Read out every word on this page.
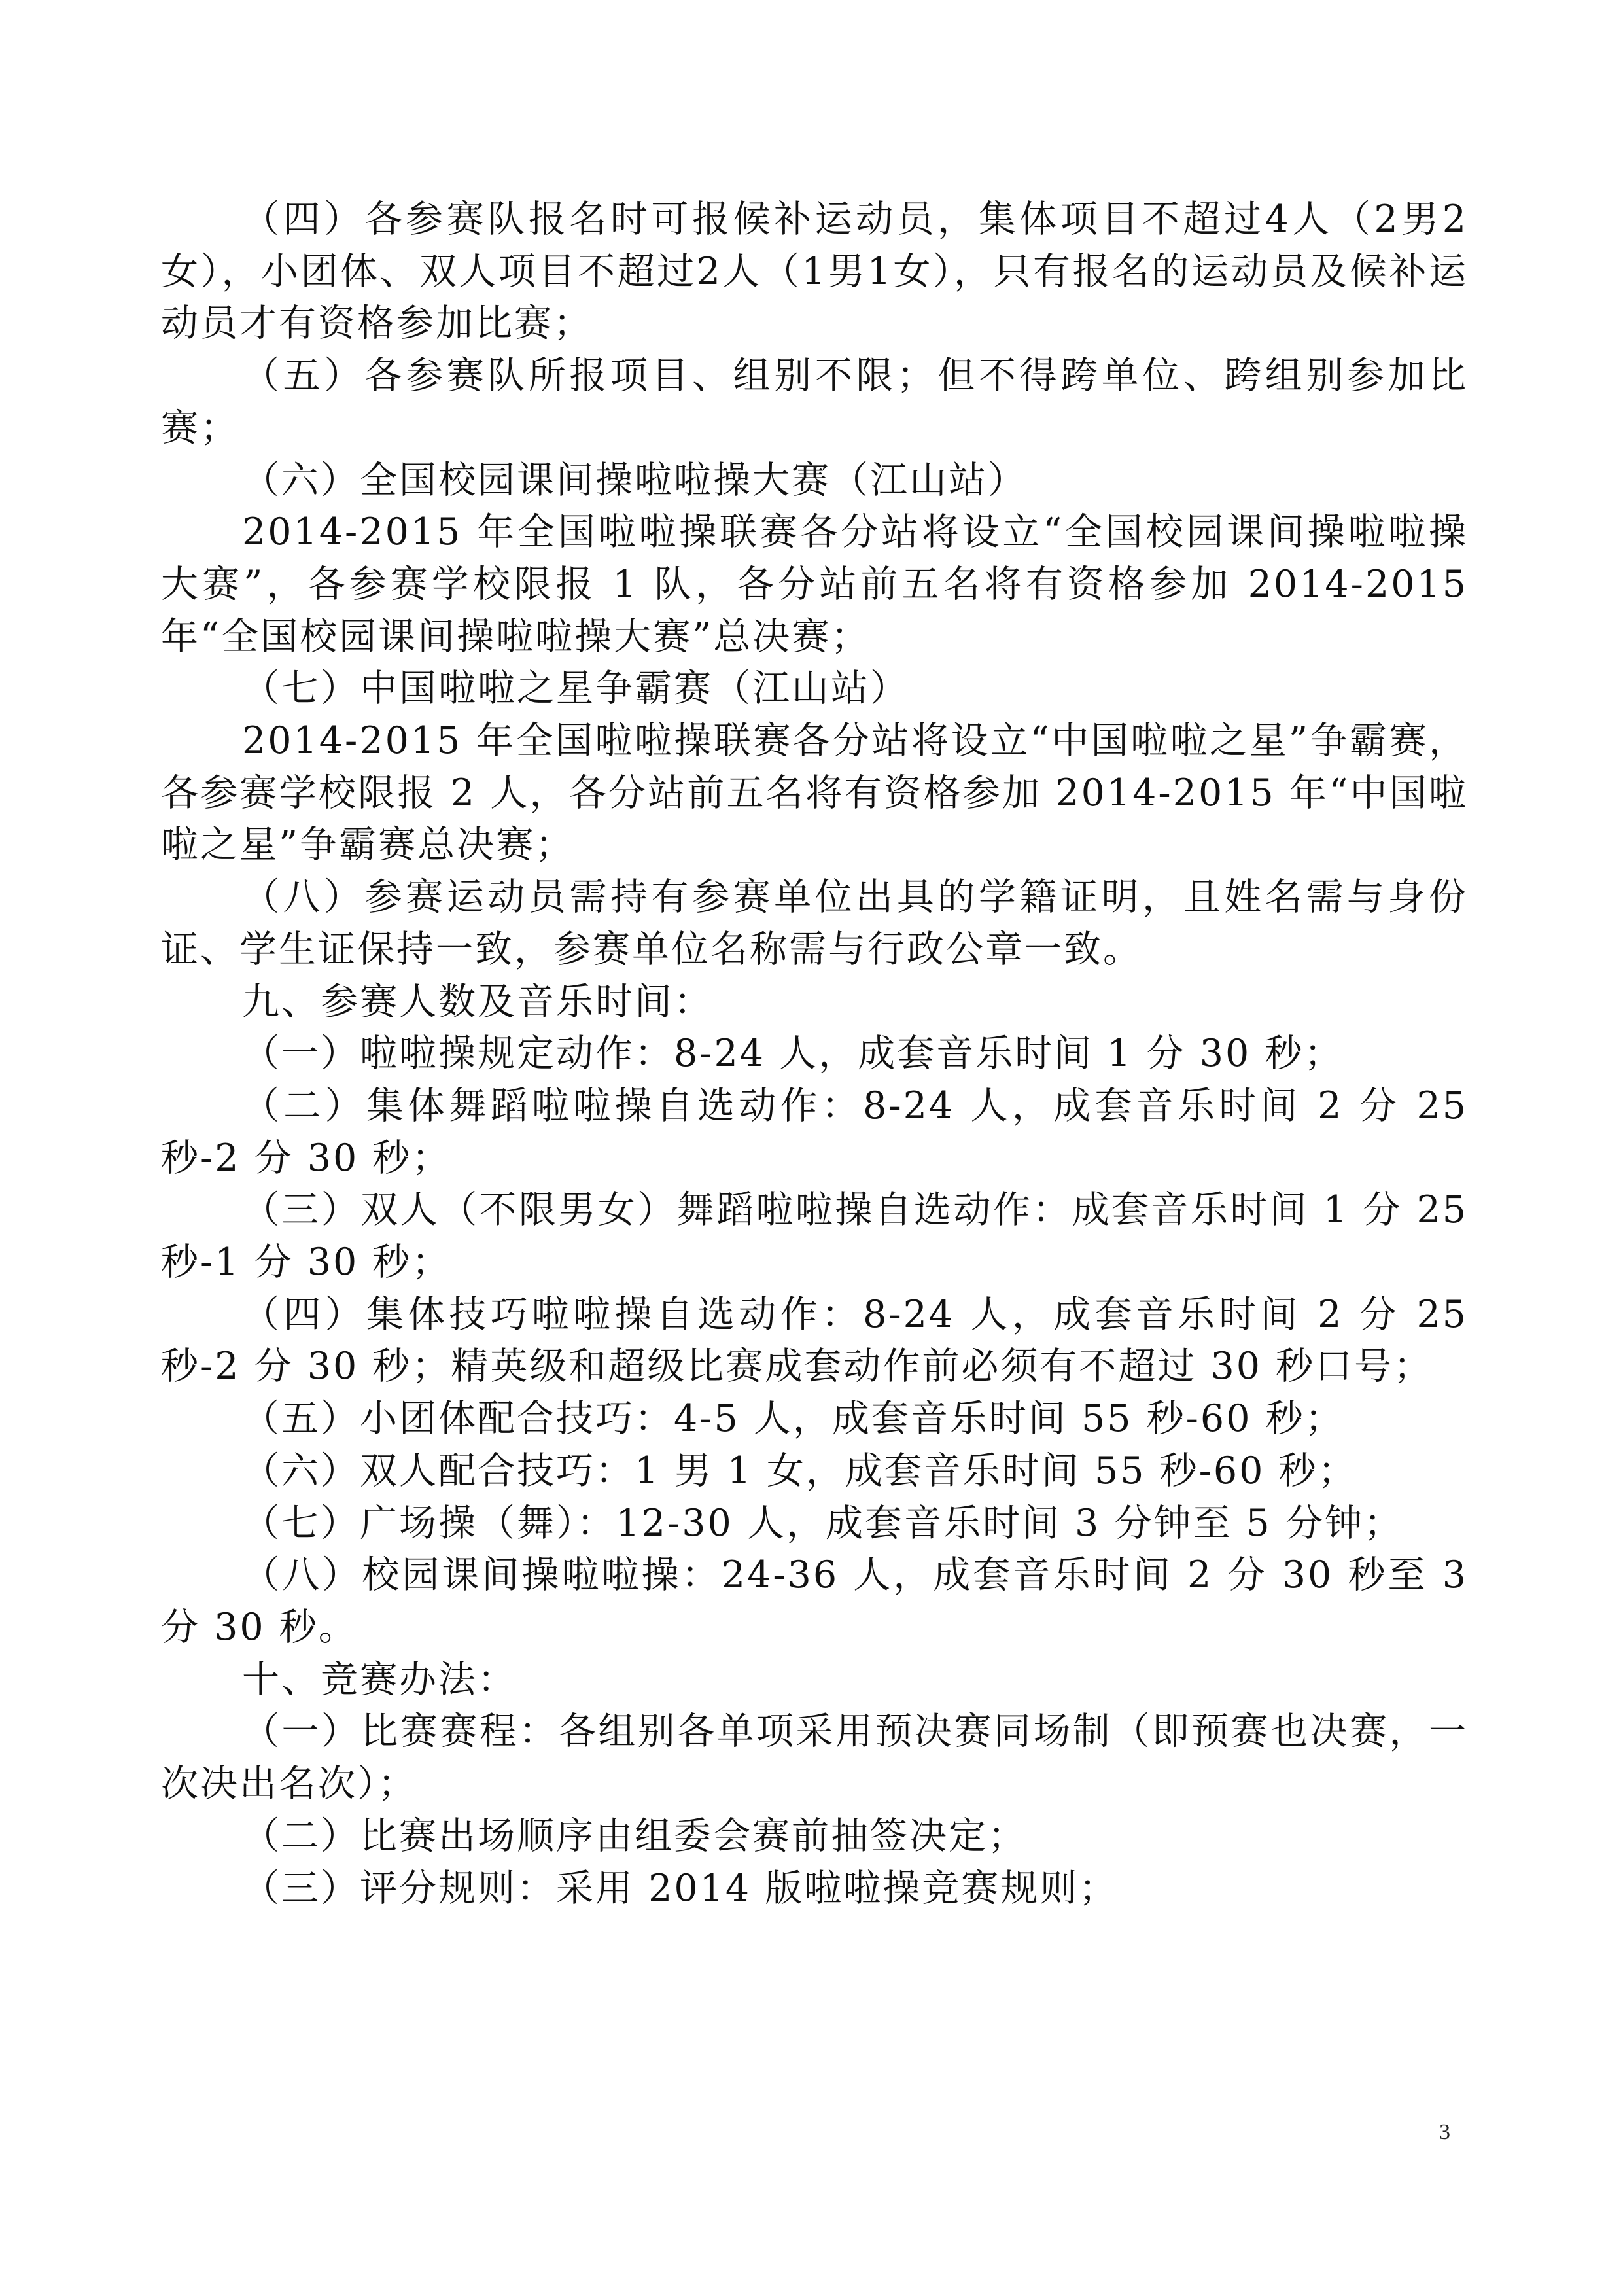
（四）各参赛队报名时可报候补运动员，集体项目不超过4人（2男2女），小团体、双人项目不超过2人（1男1女），只有报名的运动员及候补运动员才有资格参加比赛；

（五）各参赛队所报项目、组别不限；但不得跨单位、跨组别参加比赛；

（六）全国校园课间操啦啦操大赛（江山站）

2014-2015 年全国啦啦操联赛各分站将设立“全国校园课间操啦啦操大赛”，各参赛学校限报 1 队，各分站前五名将有资格参加 2014-2015 年“全国校园课间操啦啦操大赛”总决赛；

（七）中国啦啦之星争霸赛（江山站）

2014-2015 年全国啦啦操联赛各分站将设立“中国啦啦之星”争霸赛，各参赛学校限报 2 人，各分站前五名将有资格参加 2014-2015 年“中国啦啦之星”争霸赛总决赛；

（八）参赛运动员需持有参赛单位出具的学籍证明，且姓名需与身份证、学生证保持一致，参赛单位名称需与行政公章一致。

九、参赛人数及音乐时间：

（一）啦啦操规定动作：8-24 人，成套音乐时间 1 分 30 秒；

（二）集体舞蹈啦啦操自选动作：8-24 人，成套音乐时间 2 分 25 秒-2 分 30 秒；

（三）双人（不限男女）舞蹈啦啦操自选动作：成套音乐时间 1 分 25 秒-1 分 30 秒；

（四）集体技巧啦啦操自选动作：8-24 人，成套音乐时间 2 分 25 秒-2 分 30 秒；精英级和超级比赛成套动作前必须有不超过 30 秒口号；

（五）小团体配合技巧：4-5 人，成套音乐时间 55 秒-60 秒；

（六）双人配合技巧：1 男 1 女，成套音乐时间 55 秒-60 秒；

（七）广场操（舞）：12-30 人，成套音乐时间 3 分钟至 5 分钟；

（八）校园课间操啦啦操：24-36 人，成套音乐时间 2 分 30 秒至 3 分 30 秒。

十、竞赛办法：

（一）比赛赛程：各组别各单项采用预决赛同场制（即预赛也决赛，一次决出名次）；

（二）比赛出场顺序由组委会赛前抽签决定；

（三）评分规则：采用 2014 版啦啦操竞赛规则；

3
